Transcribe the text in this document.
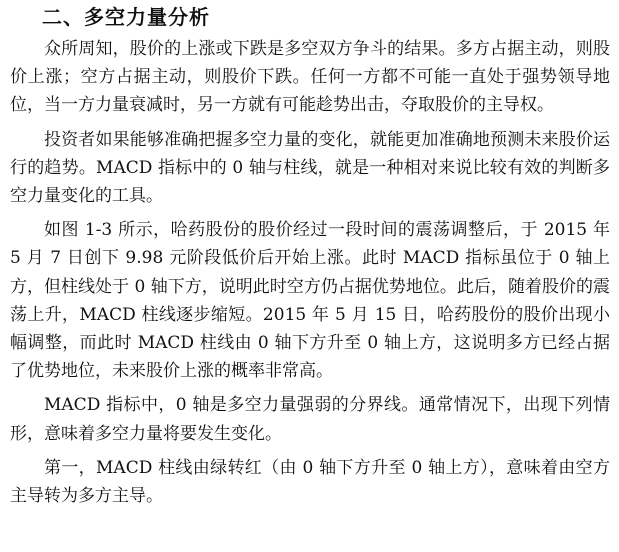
二、多空力量分析

众所周知，股价的上涨或下跌是多空双方争斗的结果。多方占据主动，则股价上涨；空方占据主动，则股价下跌。任何一方都不可能一直处于强势领导地位，当一方力量衰减时，另一方就有可能趁势出击，夺取股价的主导权。

投资者如果能够准确把握多空力量的变化，就能更加准确地预测未来股价运行的趋势。MACD 指标中的 0 轴与柱线，就是一种相对来说比较有效的判断多空力量变化的工具。

如图 1-3 所示，哈药股份的股价经过一段时间的震荡调整后，于 2015 年 5 月 7 日创下 9.98 元阶段低价后开始上涨。此时 MACD 指标虽位于 0 轴上方，但柱线处于 0 轴下方，说明此时空方仍占据优势地位。此后，随着股价的震荡上升，MACD 柱线逐步缩短。2015 年 5 月 15 日，哈药股份的股价出现小幅调整，而此时 MACD 柱线由 0 轴下方升至 0 轴上方，这说明多方已经占据了优势地位，未来股价上涨的概率非常高。

MACD 指标中，0 轴是多空力量强弱的分界线。通常情况下，出现下列情形，意味着多空力量将要发生变化。

第一，MACD 柱线由绿转红（由 0 轴下方升至 0 轴上方），意味着由空方主导转为多方主导。
